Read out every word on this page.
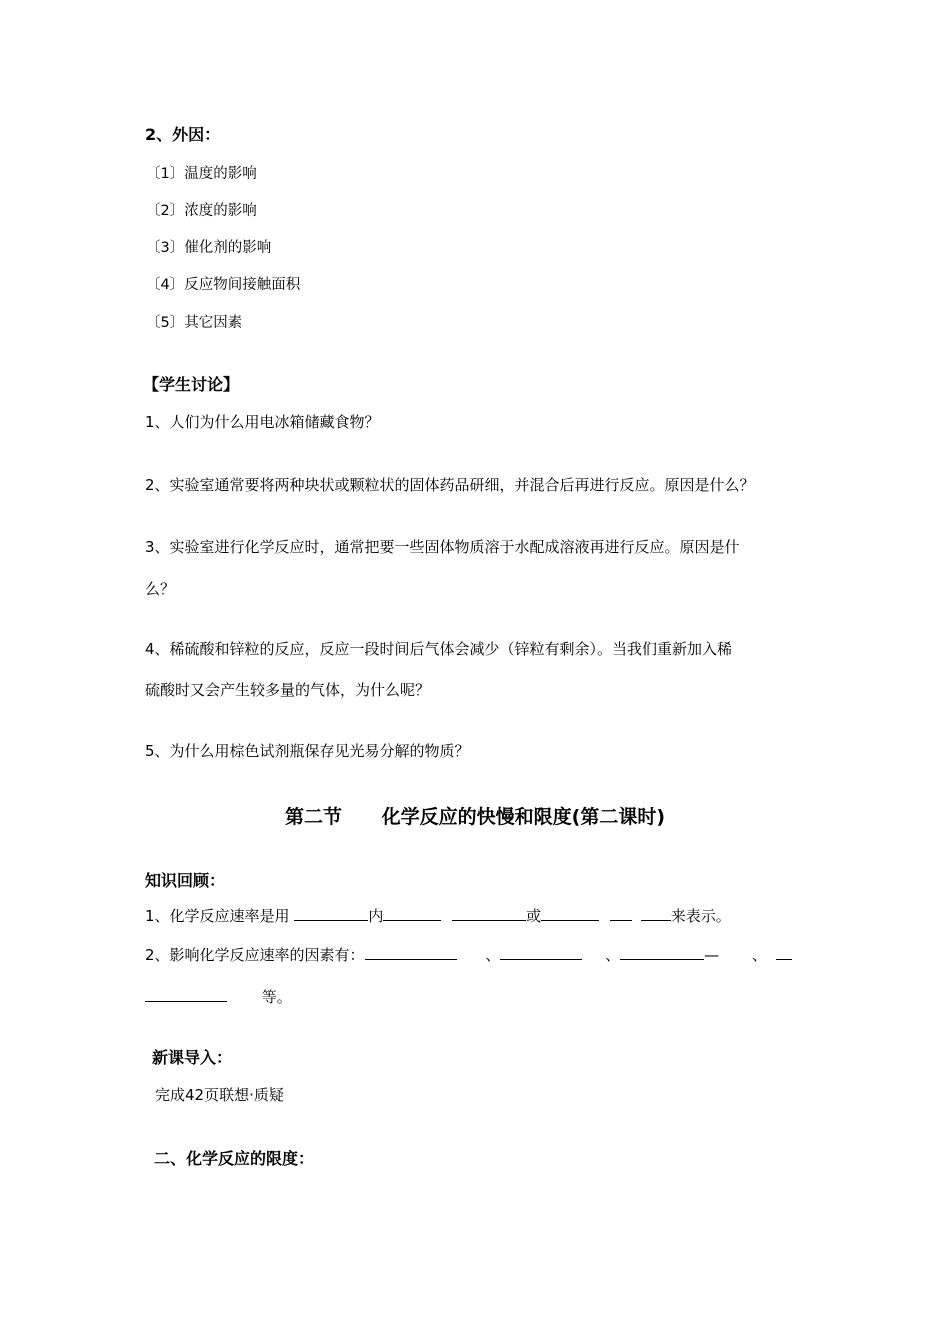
2、外因：
〔1〕温度的影响
〔2〕浓度的影响
〔3〕催化剂的影响
〔4〕反应物间接触面积
〔5〕其它因素
【学生讨论】
1、人们为什么用电冰箱储藏食物？
2、实验室通常要将两种块状或颗粒状的固体药品研细，并混合后再进行反应。原因是什么？
3、实验室进行化学反应时，通常把要一些固体物质溶于水配成溶液再进行反应。原因是什
么？
4、稀硫酸和锌粒的反应，反应一段时间后气体会减少（锌粒有剩余）。当我们重新加入稀
硫酸时又会产生较多量的气体，为什么呢？
5、为什么用棕色试剂瓶保存见光易分解的物质？
第二节      化学反应的快慢和限度(第二课时)
知识回顾：
1、化学反应速率是用	内	或	来表示。
2、影响化学反应速率的因素有：	、	、	— 、
等。
新课导入：
完成42页联想·质疑
二、化学反应的限度：
